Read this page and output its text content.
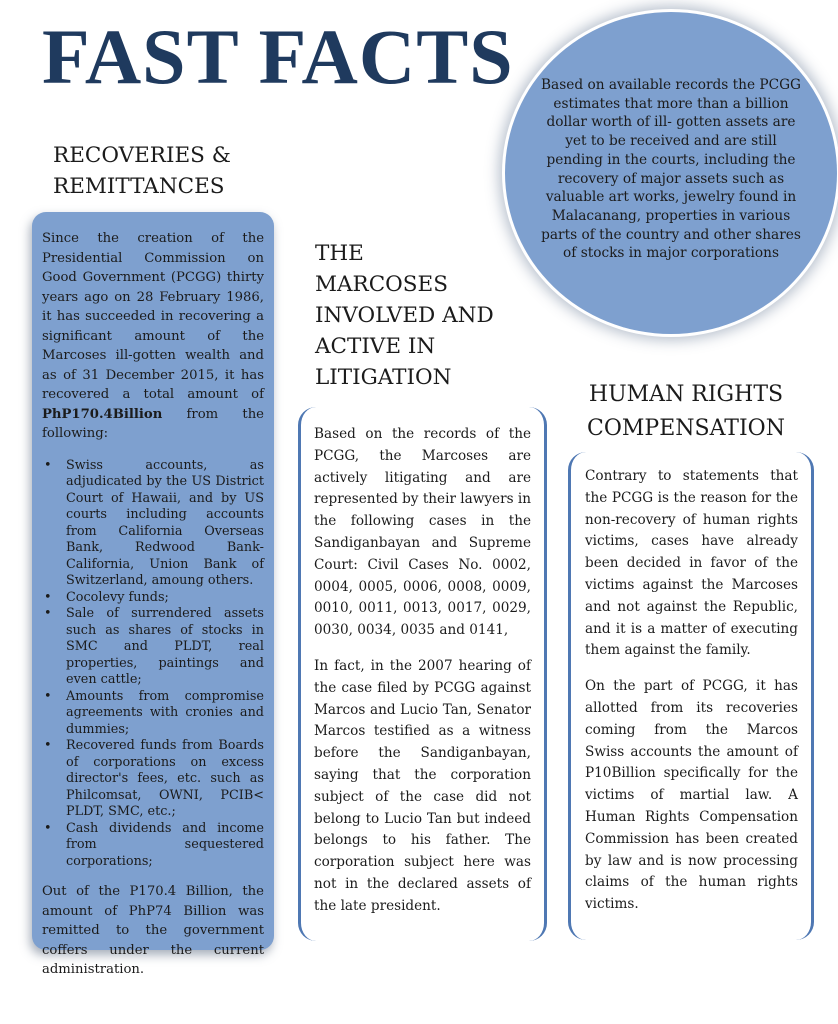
FAST FACTS Based on available records the PCGG estimates that more than a billion dollar worth of ill- gotten assets are yet to be received and are still pending in the courts, including the recovery of major assets such as valuable art works, jewelry found in Malacanang, properties in various parts of the country and other shares of stocks in major corporations

RECOVERIES &
REMITTANCES

Since the creation of the Presidential Commission on Good Government (PCGG) thirty years ago on 28 February 1986, it has succeeded in recovering a significant amount of the Marcoses ill-gotten wealth and as of 31 December 2015, it has recovered a total amount of PhP170.4Billion from the following:

• Swiss accounts, as adjudicated by the US District Court of Hawaii, and by US courts including accounts from California Overseas Bank, Redwood Bank- California, Union Bank of Switzerland, amoung others.
• Cocolevy funds;
• Sale of surrendered assets such as shares of stocks in SMC and PLDT, real properties, paintings and even cattle;
• Amounts from compromise agreements with cronies and dummies;
• Recovered funds from Boards of corporations on excess director's fees, etc. such as Philcomsat, OWNI, PCIB< PLDT, SMC, etc.;
• Cash dividends and income from sequestered corporations;

Out of the P170.4 Billion, the amount of PhP74 Billion was remitted to the government coffers under the current administration.

THE
MARCOSES
INVOLVED AND
ACTIVE IN
LITIGATION

Based on the records of the PCGG, the Marcoses are actively litigating and are represented by their lawyers in the following cases in the Sandiganbayan and Supreme Court: Civil Cases No. 0002, 0004, 0005, 0006, 0008, 0009, 0010, 0011, 0013, 0017, 0029, 0030, 0034, 0035 and 0141,

In fact, in the 2007 hearing of the case filed by PCGG against Marcos and Lucio Tan, Senator Marcos testified as a witness before the Sandiganbayan, saying that the corporation subject of the case did not belong to Lucio Tan but indeed belongs to his father. The corporation subject here was not in the declared assets of the late president.

HUMAN RIGHTS
COMPENSATION

Contrary to statements that the PCGG is the reason for the non-recovery of human rights victims, cases have already been decided in favor of the victims against the Marcoses and not against the Republic, and it is a matter of executing them against the family.

On the part of PCGG, it has allotted from its recoveries coming from the Marcos Swiss accounts the amount of P10Billion specifically for the victims of martial law. A Human Rights Compensation Commission has been created by law and is now processing claims of the human rights victims.
